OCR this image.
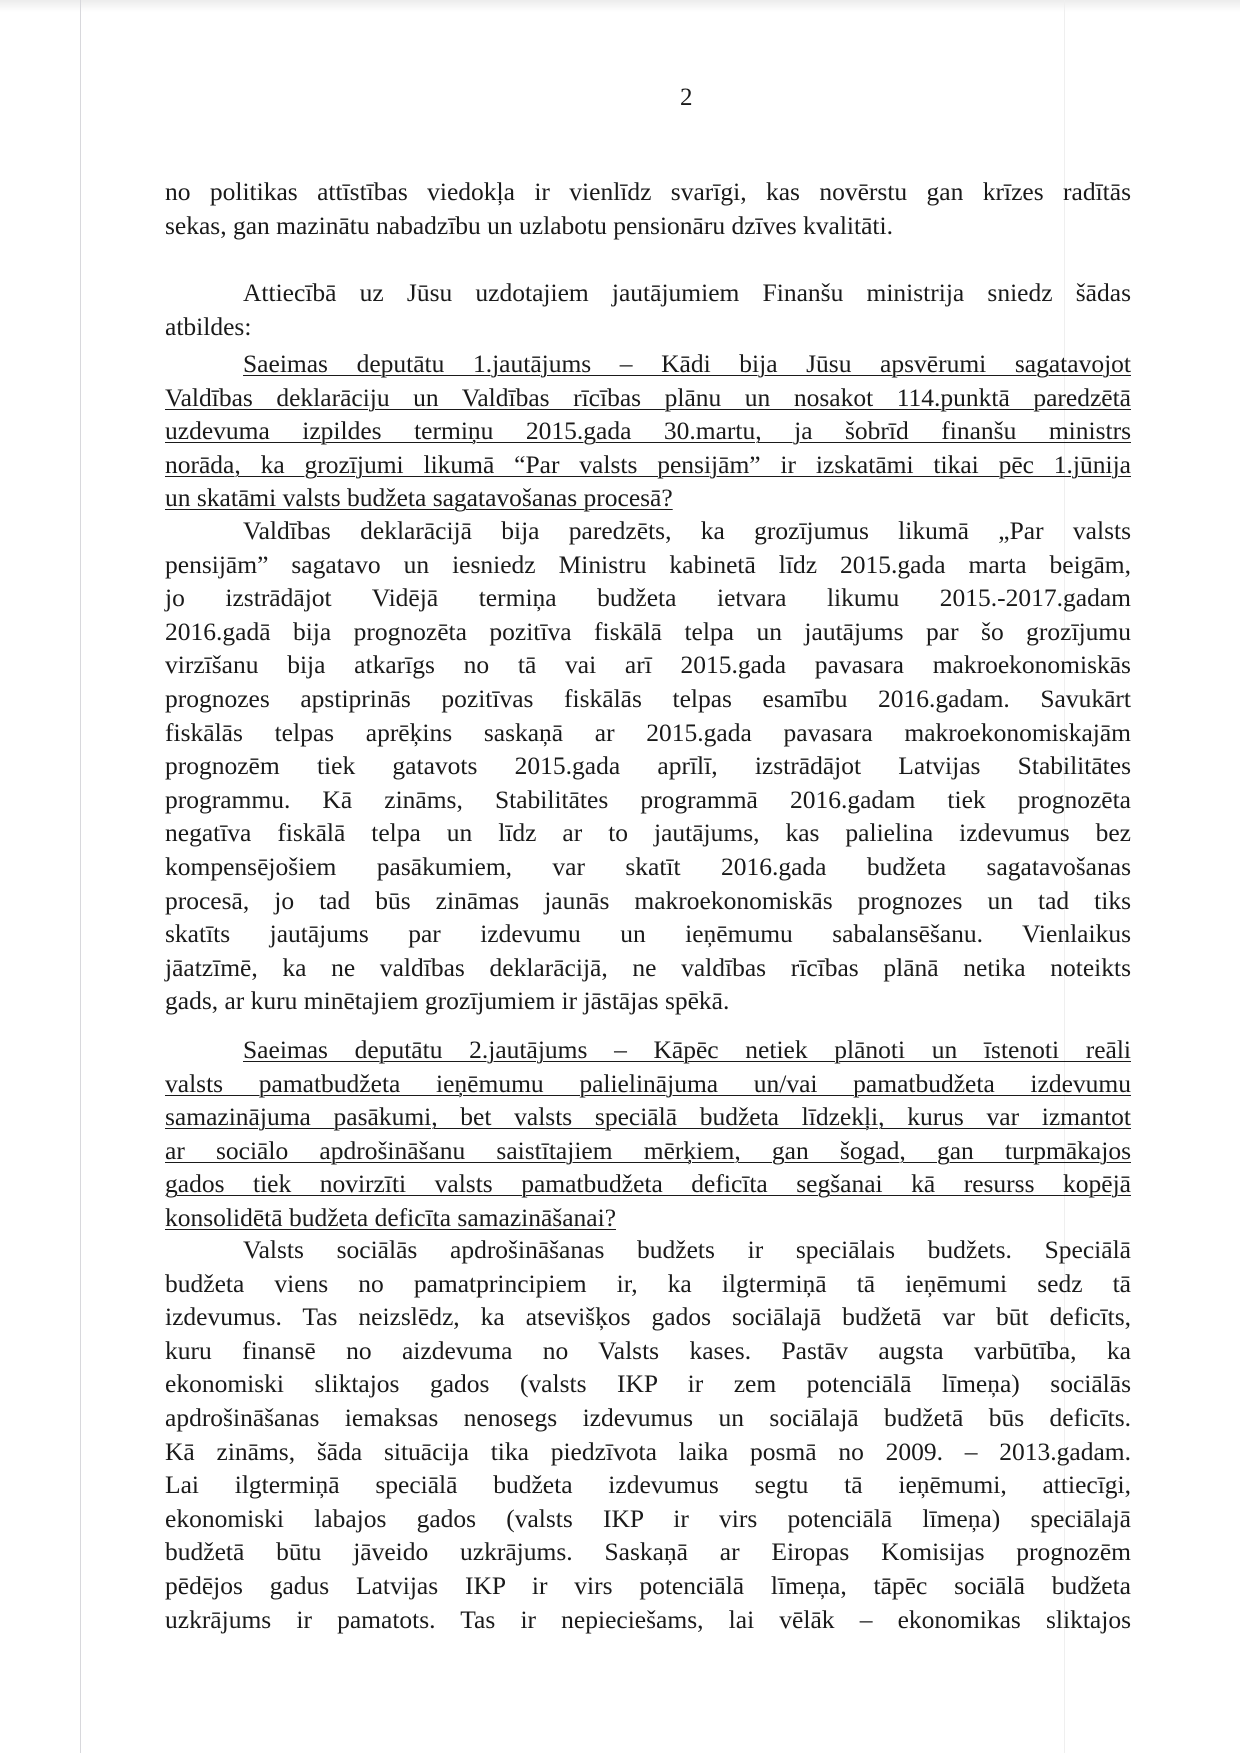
2
no politikas attīstības viedokļa ir vienlīdz svarīgi, kas novērstu gan krīzes radītās
sekas, gan mazinātu nabadzību un uzlabotu pensionāru dzīves kvalitāti.
Attiecībā uz Jūsu uzdotajiem jautājumiem Finanšu ministrija sniedz šādas
atbildes:
Saeimas deputātu 1.jautājums – Kādi bija Jūsu apsvērumi sagatavojot
Valdības deklarāciju un Valdības rīcības plānu un nosakot 114.punktā paredzētā
uzdevuma izpildes termiņu 2015.gada 30.martu, ja šobrīd finanšu ministrs
norāda, ka grozījumi likumā “Par valsts pensijām” ir izskatāmi tikai pēc 1.jūnija
un skatāmi valsts budžeta sagatavošanas procesā?
Valdības deklarācijā bija paredzēts, ka grozījumus likumā „Par valsts
pensijām” sagatavo un iesniedz Ministru kabinetā līdz 2015.gada marta beigām,
jo izstrādājot Vidējā termiņa budžeta ietvara likumu 2015.-2017.gadam
2016.gadā bija prognozēta pozitīva fiskālā telpa un jautājums par šo grozījumu
virzīšanu bija atkarīgs no tā vai arī 2015.gada pavasara makroekonomiskās
prognozes apstiprinās pozitīvas fiskālās telpas esamību 2016.gadam. Savukārt
fiskālās telpas aprēķins saskaņā ar 2015.gada pavasara makroekonomiskajām
prognozēm tiek gatavots 2015.gada aprīlī, izstrādājot Latvijas Stabilitātes
programmu. Kā zināms, Stabilitātes programmā 2016.gadam tiek prognozēta
negatīva fiskālā telpa un līdz ar to jautājums, kas palielina izdevumus bez
kompensējošiem pasākumiem, var skatīt 2016.gada budžeta sagatavošanas
procesā, jo tad būs zināmas jaunās makroekonomiskās prognozes un tad tiks
skatīts jautājums par izdevumu un ieņēmumu sabalansēšanu. Vienlaikus
jāatzīmē, ka ne valdības deklarācijā, ne valdības rīcības plānā netika noteikts
gads, ar kuru minētajiem grozījumiem ir jāstājas spēkā.
Saeimas deputātu 2.jautājums – Kāpēc netiek plānoti un īstenoti reāli
valsts pamatbudžeta ieņēmumu palielinājuma un/vai pamatbudžeta izdevumu
samazinājuma pasākumi, bet valsts speciālā budžeta līdzekļi, kurus var izmantot
ar sociālo apdrošināšanu saistītajiem mērķiem, gan šogad, gan turpmākajos
gados tiek novirzīti valsts pamatbudžeta deficīta segšanai kā resurss kopējā
konsolidētā budžeta deficīta samazināšanai?
Valsts sociālās apdrošināšanas budžets ir speciālais budžets. Speciālā
budžeta viens no pamatprincipiem ir, ka ilgtermiņā tā ieņēmumi sedz tā
izdevumus. Tas neizslēdz, ka atsevišķos gados sociālajā budžetā var būt deficīts,
kuru finansē no aizdevuma no Valsts kases. Pastāv augsta varbūtība, ka
ekonomiski sliktajos gados (valsts IKP ir zem potenciālā līmeņa) sociālās
apdrošināšanas iemaksas nenosegs izdevumus un sociālajā budžetā būs deficīts.
Kā zināms, šāda situācija tika piedzīvota laika posmā no 2009. – 2013.gadam.
Lai ilgtermiņā speciālā budžeta izdevumus segtu tā ieņēmumi, attiecīgi,
ekonomiski labajos gados (valsts IKP ir virs potenciālā līmeņa) speciālajā
budžetā būtu jāveido uzkrājums. Saskaņā ar Eiropas Komisijas prognozēm
pēdējos gadus Latvijas IKP ir virs potenciālā līmeņa, tāpēc sociālā budžeta
uzkrājums ir pamatots. Tas ir nepieciešams, lai vēlāk – ekonomikas sliktajos
